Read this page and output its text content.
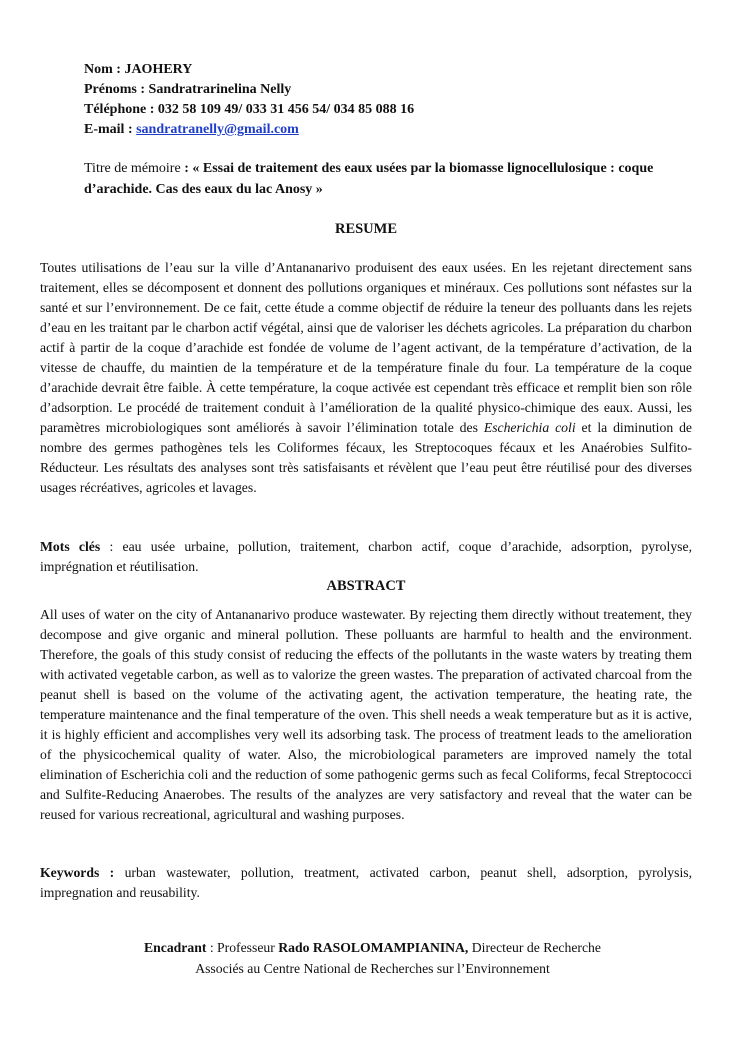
Nom : JAOHERY
Prénoms : Sandratrarinelina Nelly
Téléphone : 032 58 109 49/ 033 31 456 54/ 034 85 088 16
E-mail : sandratranelly@gmail.com
Titre de mémoire : « Essai de traitement des eaux usées par la biomasse lignocellulosique : coque d’arachide. Cas des eaux du lac Anosy »
RESUME
Toutes utilisations de l’eau sur la ville d’Antananarivo produisent des eaux usées. En les rejetant directement sans traitement, elles se décomposent et donnent des pollutions organiques et minéraux. Ces pollutions sont néfastes sur la santé et sur l’environnement. De ce fait, cette étude a comme objectif de réduire la teneur des polluants dans les rejets d’eau en les traitant par le charbon actif végétal, ainsi que de valoriser les déchets agricoles. La préparation du charbon actif à partir de la coque d’arachide est fondée de volume de l’agent activant, de la température d’activation, de la vitesse de chauffe, du maintien de la température et de la température finale du four. La température de la coque d’arachide devrait être faible. À cette température, la coque activée est cependant très efficace et remplit bien son rôle d’adsorption. Le procédé de traitement conduit à l’amélioration de la qualité physico-chimique des eaux. Aussi, les paramètres microbiologiques sont améliorés à savoir l’élimination totale des Escherichia coli et la diminution de nombre des germes pathogènes tels les Coliformes fécaux, les Streptocoques fécaux et les Anaérobies Sulfito-Réducteur. Les résultats des analyses sont très satisfaisants et révèlent que l’eau peut être réutilisé pour des diverses usages récréatives, agricoles et lavages.
Mots clés : eau usée urbaine, pollution, traitement, charbon actif, coque d’arachide, adsorption, pyrolyse, imprégnation et réutilisation.
ABSTRACT
All uses of water on the city of Antananarivo produce wastewater. By rejecting them directly without treatement, they decompose and give organic and mineral pollution. These polluants are harmful to health and the environment. Therefore, the goals of this study consist of reducing the effects of the pollutants in the waste waters by treating them with activated vegetable carbon, as well as to valorize the green wastes. The preparation of activated charcoal from the peanut shell is based on the volume of the activating agent, the activation temperature, the heating rate, the temperature maintenance and the final temperature of the oven. This shell needs a weak temperature but as it is active, it is highly efficient and accomplishes very well its adsorbing task. The process of treatment leads to the amelioration of the physicochemical quality of water. Also, the microbiological parameters are improved namely the total elimination of Escherichia coli and the reduction of some pathogenic germs such as fecal Coliforms, fecal Streptococci and Sulfite-Reducing Anaerobes. The results of the analyzes are very satisfactory and reveal that the water can be reused for various recreational, agricultural and washing purposes.
Keywords : urban wastewater, pollution, treatment, activated carbon, peanut shell, adsorption, pyrolysis, impregnation and reusability.
Encadrant : Professeur Rado RASOLOMAMPIANINA, Directeur de Recherche
Associés au Centre National de Recherches sur l’Environnement
